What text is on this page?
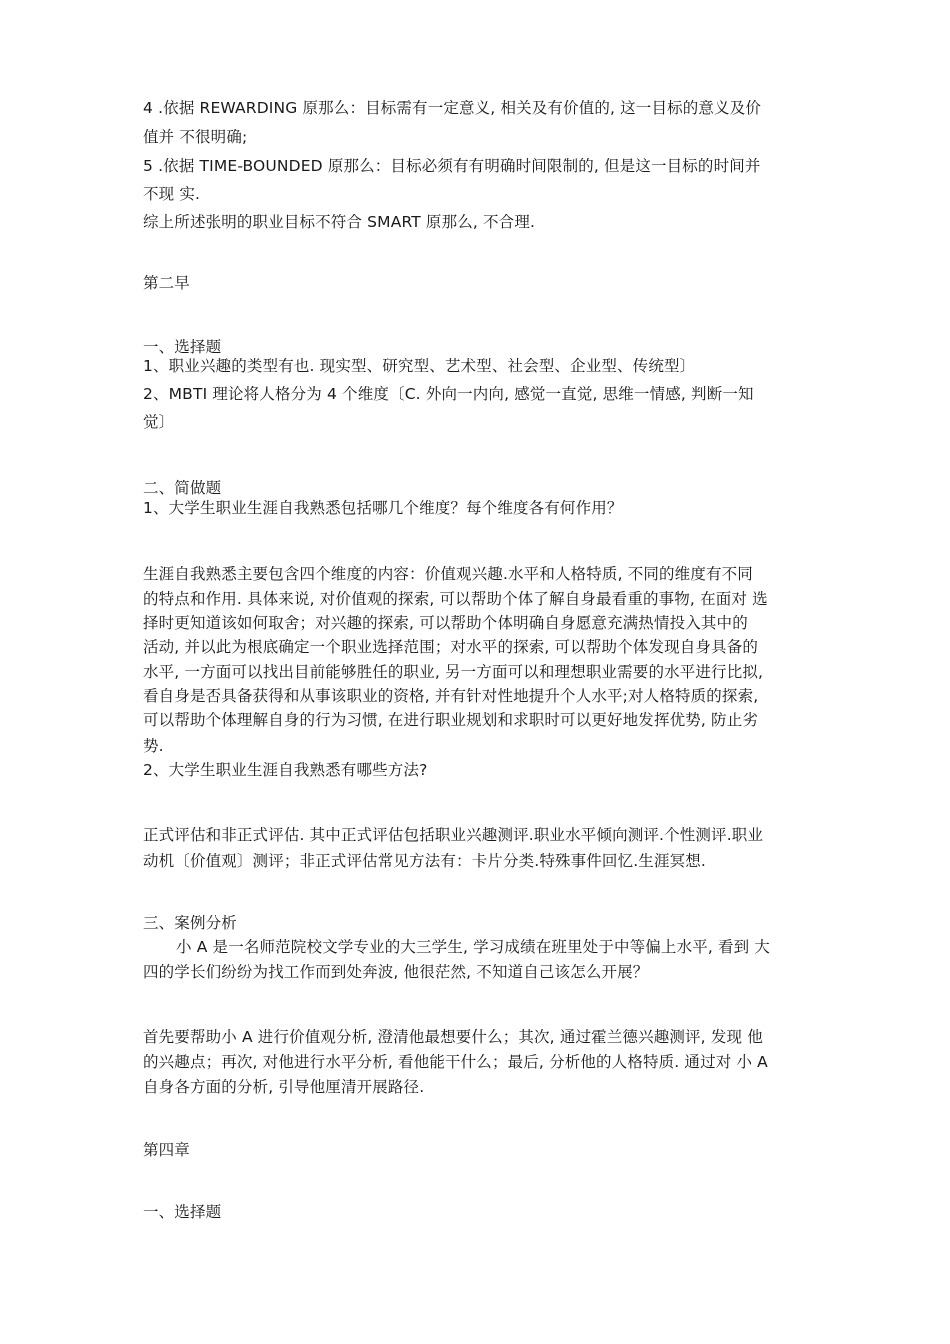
4 .依据 REWARDING 原那么：目标需有一定意义, 相关及有价值的, 这一目标的意义及价
值并 不很明确;
5 .依据 TIME-BOUNDED 原那么：目标必须有有明确时间限制的, 但是这一目标的时间并
不现 实.
综上所述张明的职业目标不符合 SMART 原那么, 不合理.
第二早
一、选择题
1、职业兴趣的类型有也. 现实型、研究型、艺术型、社会型、企业型、传统型〕
2、MBTI 理论将人格分为 4 个维度〔C. 外向一内向, 感觉一直觉, 思维一情感, 判断一知
觉〕
二、简做题
1、大学生职业生涯自我熟悉包括哪几个维度？每个维度各有何作用？
生涯自我熟悉主要包含四个维度的内容：价值观兴趣.水平和人格特质, 不同的维度有不同
的特点和作用. 具体来说, 对价值观的探索, 可以帮助个体了解自身最看重的事物, 在面对 选
择时更知道该如何取舍；对兴趣的探索, 可以帮助个体明确自身愿意充满热情投入其中的
活动, 并以此为根底确定一个职业选择范围；对水平的探索, 可以帮助个体发现自身具备的
水平, 一方面可以找出目前能够胜任的职业, 另一方面可以和理想职业需要的水平进行比拟,
看自身是否具备获得和从事该职业的资格, 并有针对性地提升个人水平;对人格特质的探索,
可以帮助个体理解自身的行为习惯, 在进行职业规划和求职时可以更好地发挥优势, 防止劣
势.
2、大学生职业生涯自我熟悉有哪些方法?
正式评估和非正式评估. 其中正式评估包括职业兴趣测评.职业水平倾向测评.个性测评.职业
动机〔价值观〕测评；非正式评估常见方法有：卡片分类.特殊事件回忆.生涯冥想.
三、案例分析
小 A 是一名师范院校文学专业的大三学生, 学习成绩在班里处于中等偏上水平, 看到 大
四的学长们纷纷为找工作而到处奔波, 他很茫然, 不知道自己该怎么开展？
首先要帮助小 A 进行价值观分析, 澄清他最想要什么；其次, 通过霍兰德兴趣测评, 发现 他
的兴趣点；再次, 对他进行水平分析, 看他能干什么；最后, 分析他的人格特质. 通过对 小 A
自身各方面的分析, 引导他厘清开展路径.
第四章
一、选择题
